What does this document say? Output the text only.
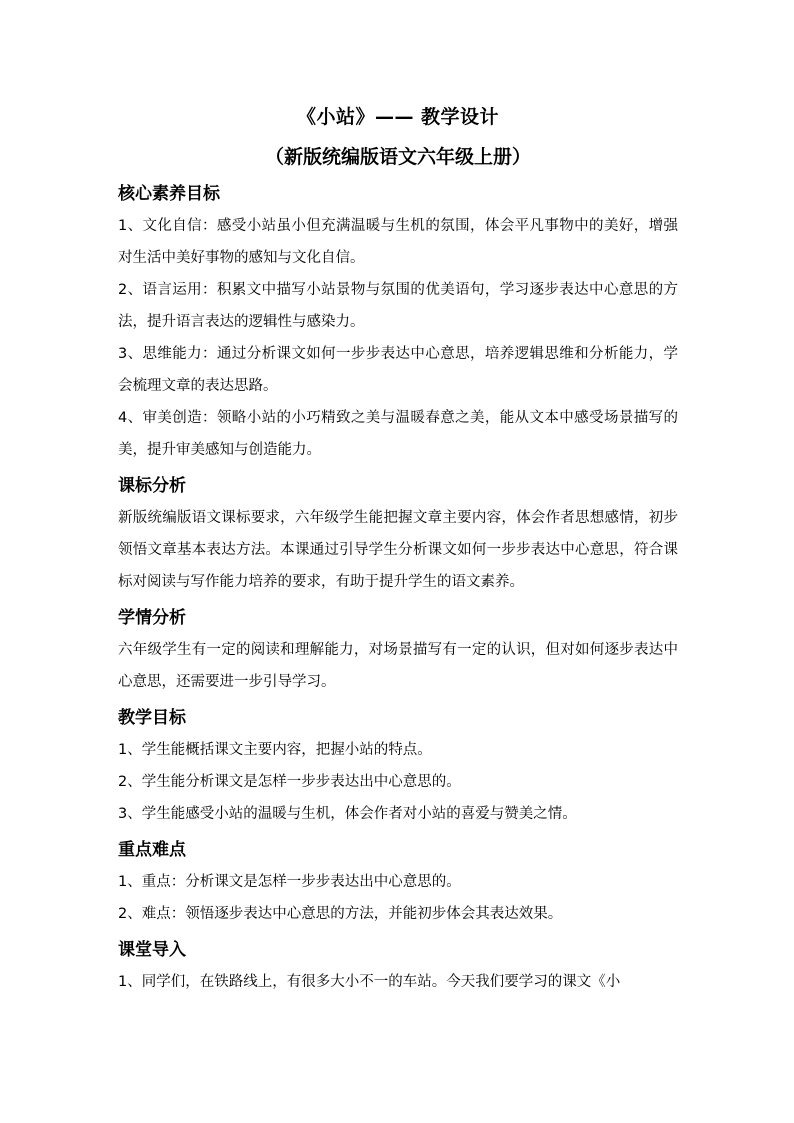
《小站》—— 教学设计

（新版统编版语文六年级上册）

核心素养目标

1、文化自信：感受小站虽小但充满温暖与生机的氛围，体会平凡事物中的美好，增强对生活中美好事物的感知与文化自信。

2、语言运用：积累文中描写小站景物与氛围的优美语句，学习逐步表达中心意思的方法，提升语言表达的逻辑性与感染力。

3、思维能力：通过分析课文如何一步步表达中心意思，培养逻辑思维和分析能力，学会梳理文章的表达思路。

4、审美创造：领略小站的小巧精致之美与温暖春意之美，能从文本中感受场景描写的美，提升审美感知与创造能力。

课标分析

新版统编版语文课标要求，六年级学生能把握文章主要内容，体会作者思想感情，初步领悟文章基本表达方法。本课通过引导学生分析课文如何一步步表达中心意思，符合课标对阅读与写作能力培养的要求，有助于提升学生的语文素养。

学情分析

六年级学生有一定的阅读和理解能力，对场景描写有一定的认识，但对如何逐步表达中心意思，还需要进一步引导学习。

教学目标

1、学生能概括课文主要内容，把握小站的特点。

2、学生能分析课文是怎样一步步表达出中心意思的。

3、学生能感受小站的温暖与生机，体会作者对小站的喜爱与赞美之情。

重点难点

1、重点：分析课文是怎样一步步表达出中心意思的。

2、难点：领悟逐步表达中心意思的方法，并能初步体会其表达效果。

课堂导入

1、同学们，在铁路线上，有很多大小不一的车站。今天我们要学习的课文《小
